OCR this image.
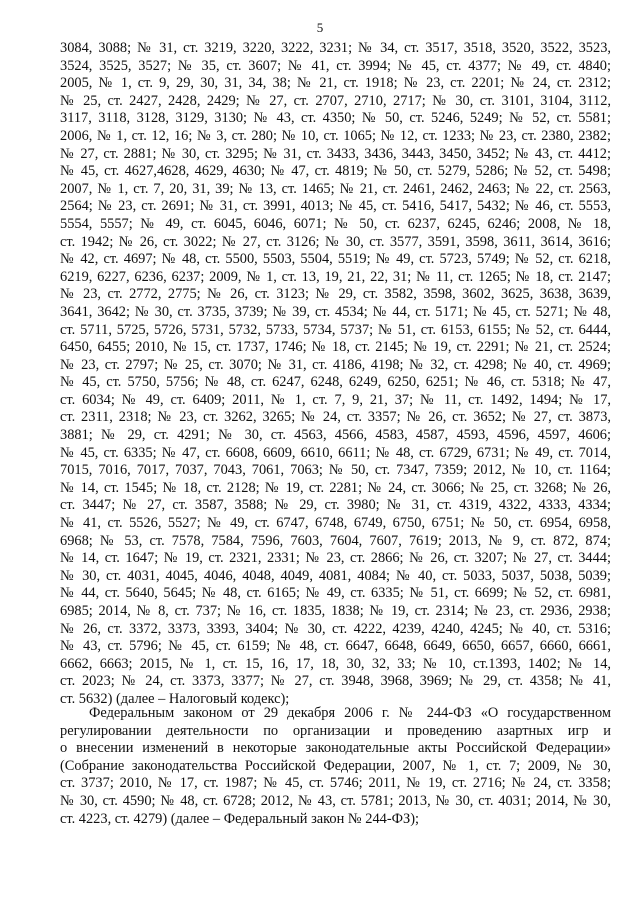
5
3084, 3088; № 31, ст. 3219, 3220, 3222, 3231; № 34, ст. 3517, 3518, 3520, 3522, 3523,
3524, 3525, 3527; № 35, ст. 3607; № 41, ст. 3994; № 45, ст. 4377; № 49, ст. 4840;
2005, № 1, ст. 9, 29, 30, 31, 34, 38; № 21, ст. 1918; № 23, ст. 2201; № 24, ст. 2312;
№ 25, ст. 2427, 2428, 2429; № 27, ст. 2707, 2710, 2717; № 30, ст. 3101, 3104, 3112,
3117, 3118, 3128, 3129, 3130; № 43, ст. 4350; № 50, ст. 5246, 5249; № 52, ст. 5581;
2006, № 1, ст. 12, 16; № 3, ст. 280; № 10, ст. 1065; № 12, ст. 1233; № 23, ст. 2380, 2382;
№ 27, ст. 2881; № 30, ст. 3295; № 31, ст. 3433, 3436, 3443, 3450, 3452; № 43, ст. 4412;
№ 45, ст. 4627,4628, 4629, 4630; № 47, ст. 4819; № 50, ст. 5279, 5286; № 52, ст. 5498;
2007, № 1, ст. 7, 20, 31, 39; № 13, ст. 1465; № 21, ст. 2461, 2462, 2463; № 22, ст. 2563,
2564; № 23, ст. 2691; № 31, ст. 3991, 4013; № 45, ст. 5416, 5417, 5432; № 46, ст. 5553,
5554, 5557; № 49, ст. 6045, 6046, 6071; № 50, ст. 6237, 6245, 6246; 2008, № 18,
ст. 1942; № 26, ст. 3022; № 27, ст. 3126; № 30, ст. 3577, 3591, 3598, 3611, 3614, 3616;
№ 42, ст. 4697; № 48, ст. 5500, 5503, 5504, 5519; № 49, ст. 5723, 5749; № 52, ст. 6218,
6219, 6227, 6236, 6237; 2009, № 1, ст. 13, 19, 21, 22, 31; № 11, ст. 1265; № 18, ст. 2147;
№ 23, ст. 2772, 2775; № 26, ст. 3123; № 29, ст. 3582, 3598, 3602, 3625, 3638, 3639,
3641, 3642; № 30, ст. 3735, 3739; № 39, ст. 4534; № 44, ст. 5171; № 45, ст. 5271; № 48,
ст. 5711, 5725, 5726, 5731, 5732, 5733, 5734, 5737; № 51, ст. 6153, 6155; № 52, ст. 6444,
6450, 6455; 2010, № 15, ст. 1737, 1746; № 18, ст. 2145; № 19, ст. 2291; № 21, ст. 2524;
№ 23, ст. 2797; № 25, ст. 3070; № 31, ст. 4186, 4198; № 32, ст. 4298; № 40, ст. 4969;
№ 45, ст. 5750, 5756; № 48, ст. 6247, 6248, 6249, 6250, 6251; № 46, ст. 5318; № 47,
ст. 6034; № 49, ст. 6409; 2011, № 1, ст. 7, 9, 21, 37; № 11, ст. 1492, 1494; № 17,
ст. 2311, 2318; № 23, ст. 3262, 3265; № 24, ст. 3357; № 26, ст. 3652; № 27, ст. 3873,
3881; № 29, ст. 4291; № 30, ст. 4563, 4566, 4583, 4587, 4593, 4596, 4597, 4606;
№ 45, ст. 6335; № 47, ст. 6608, 6609, 6610, 6611; № 48, ст. 6729, 6731; № 49, ст. 7014,
7015, 7016, 7017, 7037, 7043, 7061, 7063; № 50, ст. 7347, 7359; 2012, № 10, ст. 1164;
№ 14, ст. 1545; № 18, ст. 2128; № 19, ст. 2281; № 24, ст. 3066; № 25, ст. 3268; № 26,
ст. 3447; № 27, ст. 3587, 3588; № 29, ст. 3980; № 31, ст. 4319, 4322, 4333, 4334;
№ 41, ст. 5526, 5527; № 49, ст. 6747, 6748, 6749, 6750, 6751; № 50, ст. 6954, 6958,
6968; № 53, ст. 7578, 7584, 7596, 7603, 7604, 7607, 7619; 2013, № 9, ст. 872, 874;
№ 14, ст. 1647; № 19, ст. 2321, 2331; № 23, ст. 2866; № 26, ст. 3207; № 27, ст. 3444;
№ 30, ст. 4031, 4045, 4046, 4048, 4049, 4081, 4084; № 40, ст. 5033, 5037, 5038, 5039;
№ 44, ст. 5640, 5645; № 48, ст. 6165; № 49, ст. 6335; № 51, ст. 6699; № 52, ст. 6981,
6985; 2014, № 8, ст. 737; № 16, ст. 1835, 1838; № 19, ст. 2314; № 23, ст. 2936, 2938;
№ 26, ст. 3372, 3373, 3393, 3404; № 30, ст. 4222, 4239, 4240, 4245; № 40, ст. 5316;
№ 43, ст. 5796; № 45, ст. 6159; № 48, ст. 6647, 6648, 6649, 6650, 6657, 6660, 6661,
6662, 6663; 2015, № 1, ст. 15, 16, 17, 18, 30, 32, 33; № 10, ст.1393, 1402; № 14,
ст. 2023; № 24, ст. 3373, 3377; № 27, ст. 3948, 3968, 3969; № 29, ст. 4358; № 41,
ст. 5632) (далее – Налоговый кодекс);
Федеральным законом от 29 декабря 2006 г. № 244-ФЗ «О государственном
регулировании деятельности по организации и проведению азартных игр и
о внесении изменений в некоторые законодательные акты Российской Федерации»
(Собрание законодательства Российской Федерации, 2007, № 1, ст. 7; 2009, № 30,
ст. 3737; 2010, № 17, ст. 1987; № 45, ст. 5746; 2011, № 19, ст. 2716; № 24, ст. 3358;
№ 30, ст. 4590; № 48, ст. 6728; 2012, № 43, ст. 5781; 2013, № 30, ст. 4031; 2014, № 30,
ст. 4223, ст. 4279) (далее – Федеральный закон № 244-ФЗ);
